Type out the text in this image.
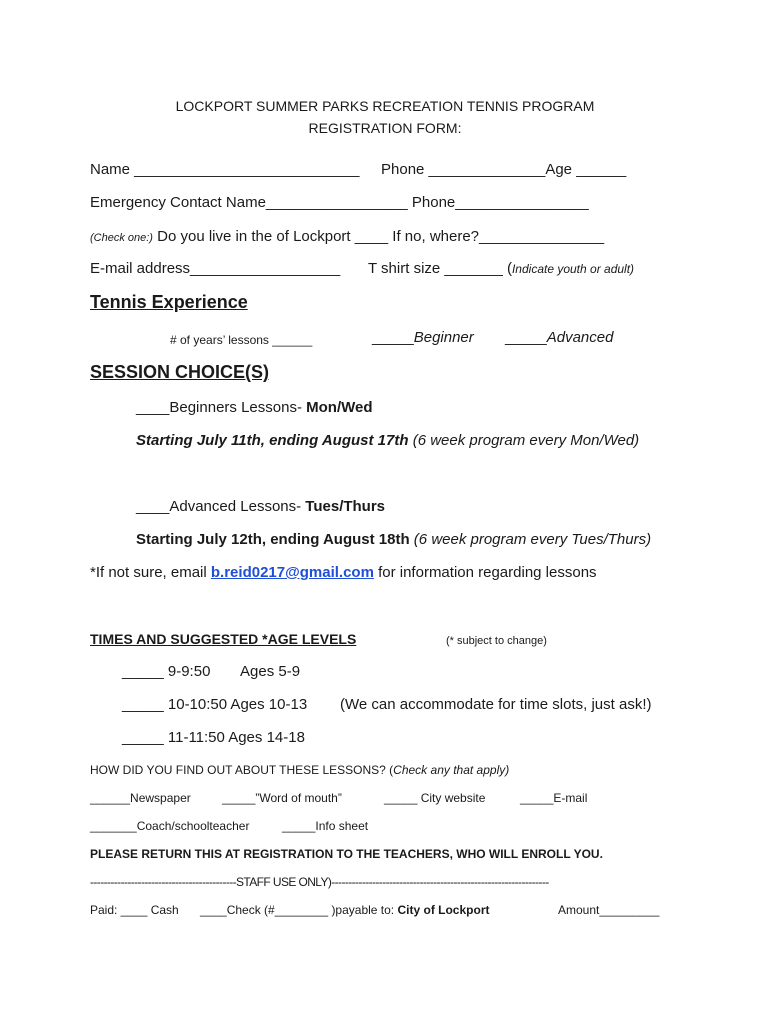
LOCKPORT SUMMER PARKS RECREATION TENNIS PROGRAM
REGISTRATION FORM:
Name ___________________________ Phone ______________Age ______
Emergency Contact Name_________________ Phone________________
(Check one:) Do you live in the of Lockport ____ If no, where?_______________
E-mail address__________________ T shirt size _______ (Indicate youth or adult)
Tennis Experience
# of years’ lessons ______	_____Beginner _____Advanced
SESSION CHOICE(S)
____Beginners Lessons- Mon/Wed
Starting July 11th, ending August 17th (6 week program every Mon/Wed)
____Advanced Lessons- Tues/Thurs
Starting July 12th, ending August 18th (6 week program every Tues/Thurs)
*If not sure, email b.reid0217@gmail.com for information regarding lessons
TIMES AND SUGGESTED *AGE LEVELS	(* subject to change)
_____ 9-9:50 Ages 5-9
_____ 10-10:50 Ages 10-13 (We can accommodate for time slots, just ask!)
_____ 11-11:50 Ages 14-18
HOW DID YOU FIND OUT ABOUT THESE LESSONS? (Check any that apply)
______Newspaper	_____”Word of mouth”	_____ City website	_____E-mail
_______Coach/schoolteacher	_____Info sheet
PLEASE RETURN THIS AT REGISTRATION TO THE TEACHERS, WHO WILL ENROLL YOU.
-------------------------------------------STAFF USE ONLY)----------------------------------------------------------------
Paid: ____ Cash ____Check (#________ )payable to: City of Lockport	Amount_________
